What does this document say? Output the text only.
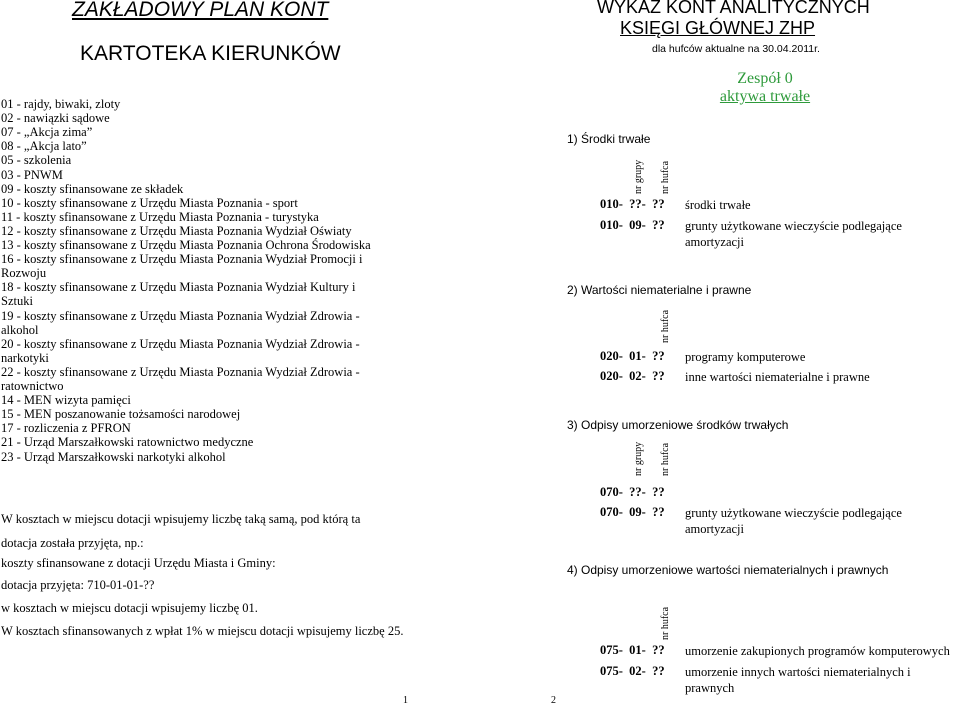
ZAKŁADOWY PLAN KONT
KARTOTEKA KIERUNKÓW
01 - rajdy, biwaki, zloty
02 - nawiązki sądowe
07 - „Akcja zima”
08 - „Akcja lato”
05 - szkolenia
03 - PNWM
09 - koszty sfinansowane ze składek
10 - koszty sfinansowane z Urzędu Miasta Poznania - sport
11 - koszty sfinansowane z Urzędu Miasta Poznania - turystyka
12 - koszty sfinansowane z Urzędu Miasta Poznania Wydział Oświaty
13 - koszty sfinansowane z Urzędu Miasta Poznania Ochrona Środowiska
16 - koszty sfinansowane z Urzędu Miasta Poznania Wydział Promocji i
Rozwoju
18 - koszty sfinansowane z Urzędu Miasta Poznania Wydział Kultury i
Sztuki
19 - koszty sfinansowane z Urzędu Miasta Poznania Wydział Zdrowia -
alkohol
20 - koszty sfinansowane z Urzędu Miasta Poznania Wydział Zdrowia -
narkotyki
22 - koszty sfinansowane z Urzędu Miasta Poznania Wydział Zdrowia -
ratownictwo
14 - MEN wizyta pamięci
15 - MEN poszanowanie tożsamości narodowej
17 - rozliczenia z PFRON
21 - Urząd Marszałkowski ratownictwo medyczne
23 - Urząd Marszałkowski narkotyki alkohol
W kosztach w miejscu dotacji wpisujemy liczbę taką samą, pod którą ta
dotacja została przyjęta, np.:
koszty sfinansowane z dotacji Urzędu Miasta i Gminy:
dotacja przyjęta: 710-01-01-??
w kosztach w miejscu dotacji wpisujemy liczbę 01.
W kosztach sfinansowanych z wpłat 1% w miejscu dotacji wpisujemy liczbę 25.
1
WYKAZ KONT ANALITYCZNYCH
KSIĘGI GŁÓWNEJ ZHP
dla hufców aktualne na 30.04.2011r.
Zespół 0
aktywa trwałe
1) Środki trwałe
nr grupy nr hufca
010-  ??-  ?? środki trwałe
010-  09-  ?? grunty użytkowane wieczyście podlegające amortyzacji
2) Wartości niematerialne i prawne
nr hufca
020-  01-  ?? programy komputerowe
020-  02-  ?? inne wartości niematerialne i prawne
3) Odpisy umorzeniowe środków trwałych
nr grupy nr hufca
070-  ??-  ??
070-  09-  ?? grunty użytkowane wieczyście podlegające amortyzacji
4) Odpisy umorzeniowe wartości niematerialnych i prawnych
nr hufca
075-  01-  ?? umorzenie zakupionych programów komputerowych
075-  02-  ?? umorzenie innych wartości niematerialnych i prawnych
2
